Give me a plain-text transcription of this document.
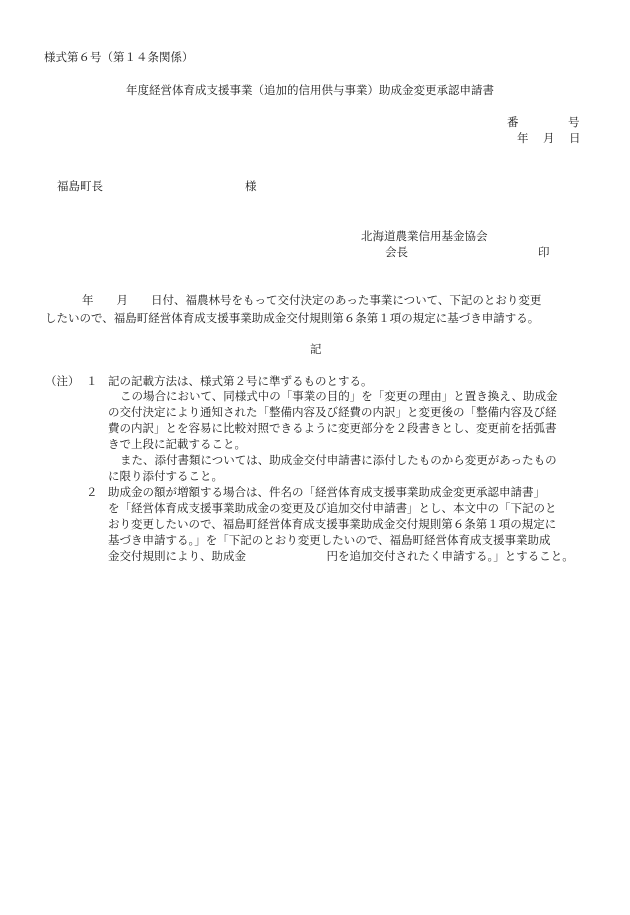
様式第６号（第１４条関係）
年度経営体育成支援事業（追加的信用供与事業）助成金変更承認申請書
番	号
年 月 日
福島町長	様
北海道農業信用基金協会
会長	印
年　　月　　日付、福農林号をもって交付決定のあった事業について、下記のとおり変更
したいので、福島町経営体育成支援事業助成金交付規則第６条第１項の規定に基づき申請する。
記
（注） １ 記の記載方法は、様式第２号に準ずるものとする。
この場合において、同様式中の「事業の目的」を「変更の理由」と置き換え、助成金
の交付決定により通知された「整備内容及び経費の内訳」と変更後の「整備内容及び経
費の内訳」とを容易に比較対照できるように変更部分を２段書きとし、変更前を括弧書
きで上段に記載すること。
また、添付書類については、助成金交付申請書に添付したものから変更があったもの
に限り添付すること。
２ 助成金の額が増額する場合は、件名の「経営体育成支援事業助成金変更承認申請書」
を「経営体育成支援事業助成金の変更及び追加交付申請書」とし、本文中の「下記のと
おり変更したいので、福島町経営体育成支援事業助成金交付規則第６条第１項の規定に
基づき申請する。」を「下記のとおり変更したいので、福島町経営体育成支援事業助成
金交付規則により、助成金　　　　　　　円を追加交付されたく申請する。」とすること。
